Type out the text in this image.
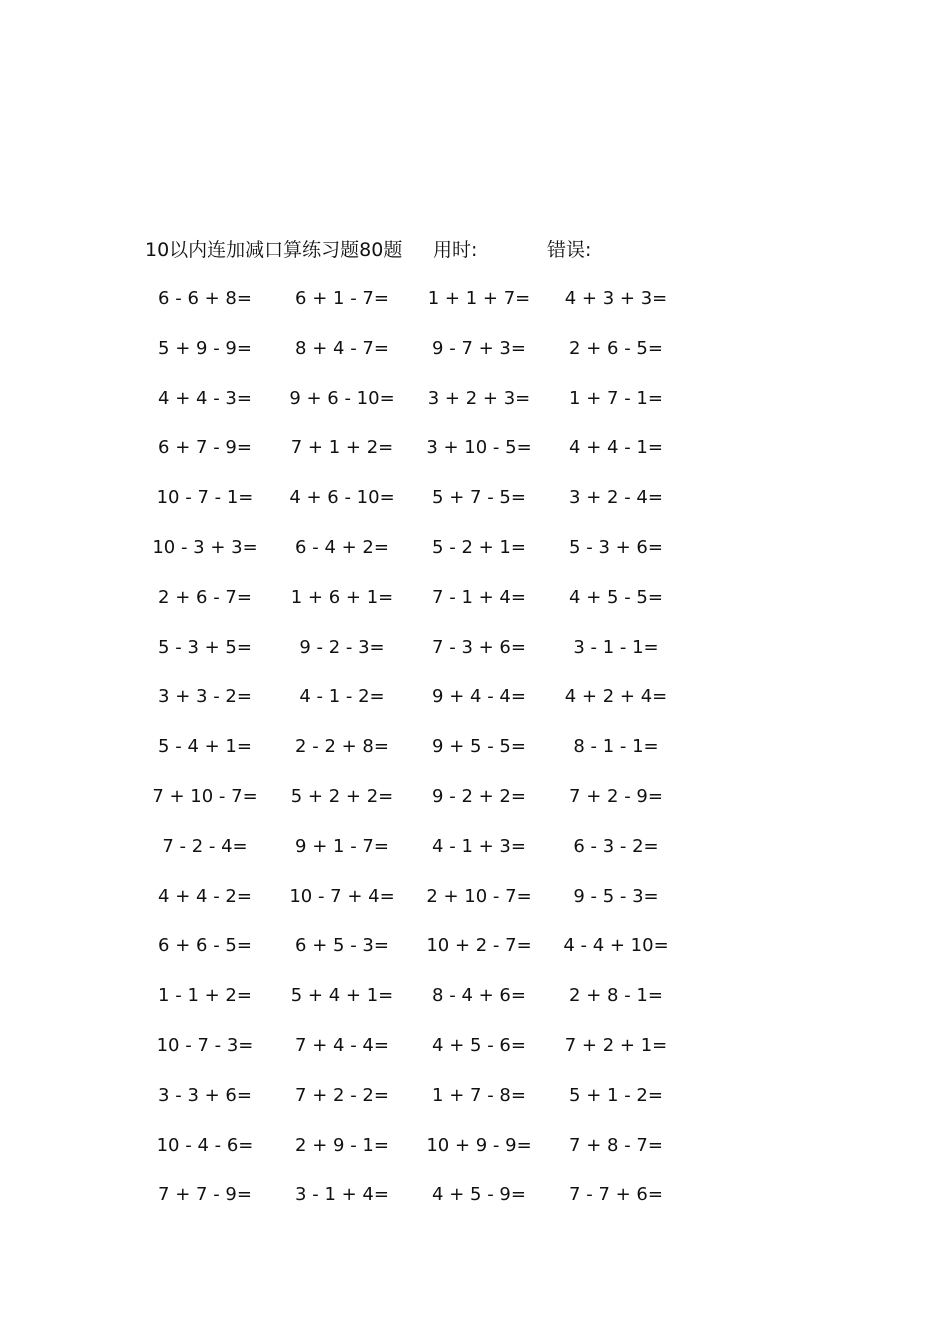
10以内连加减口算练习题80题 用时:	错误:
6 - 6 + 8=	6 + 1 - 7=	1 + 1 + 7= 4 + 3 + 3=
5 + 9 - 9=	8 + 4 - 7=	9 - 7 + 3=	2 + 6 - 5=
4 + 4 - 3=	9 + 6 - 10= 3 + 2 + 3=	1 + 7 - 1=
6 + 7 - 9=	7 + 1 + 2= 3 + 10 - 5=	4 + 4 - 1=
10 - 7 - 1=	4 + 6 - 10=	5 + 7 - 5=	3 + 2 - 4=
10 - 3 + 3=	6 - 4 + 2=	5 - 2 + 1=	5 - 3 + 6=
2 + 6 - 7=	1 + 6 + 1=	7 - 1 + 4=	4 + 5 - 5=
5 - 3 + 5=	9 - 2 - 3=	7 - 3 + 6=	3 - 1 - 1=
3 + 3 - 2=	4 - 1 - 2=	9 + 4 - 4=	4 + 2 + 4=
5 - 4 + 1=	2 - 2 + 8=	9 + 5 - 5=	8 - 1 - 1=
7 + 10 - 7= 5 + 2 + 2=	9 - 2 + 2=	7 + 2 - 9=
7 - 2 - 4=	9 + 1 - 7=	4 - 1 + 3=	6 - 3 - 2=
4 + 4 - 2=	10 - 7 + 4= 2 + 10 - 7=	9 - 5 - 3=
6 + 6 - 5=	6 + 5 - 3=	10 + 2 - 7= 4 - 4 + 10=
1 - 1 + 2=	5 + 4 + 1=	8 - 4 + 6=	2 + 8 - 1=
10 - 7 - 3=	7 + 4 - 4=	4 + 5 - 6=	7 + 2 + 1=
3 - 3 + 6=	7 + 2 - 2=	1 + 7 - 8=	5 + 1 - 2=
10 - 4 - 6=	2 + 9 - 1=	10 + 9 - 9=	7 + 8 - 7=
7 + 7 - 9=	3 - 1 + 4=	4 + 5 - 9=	7 - 7 + 6=
